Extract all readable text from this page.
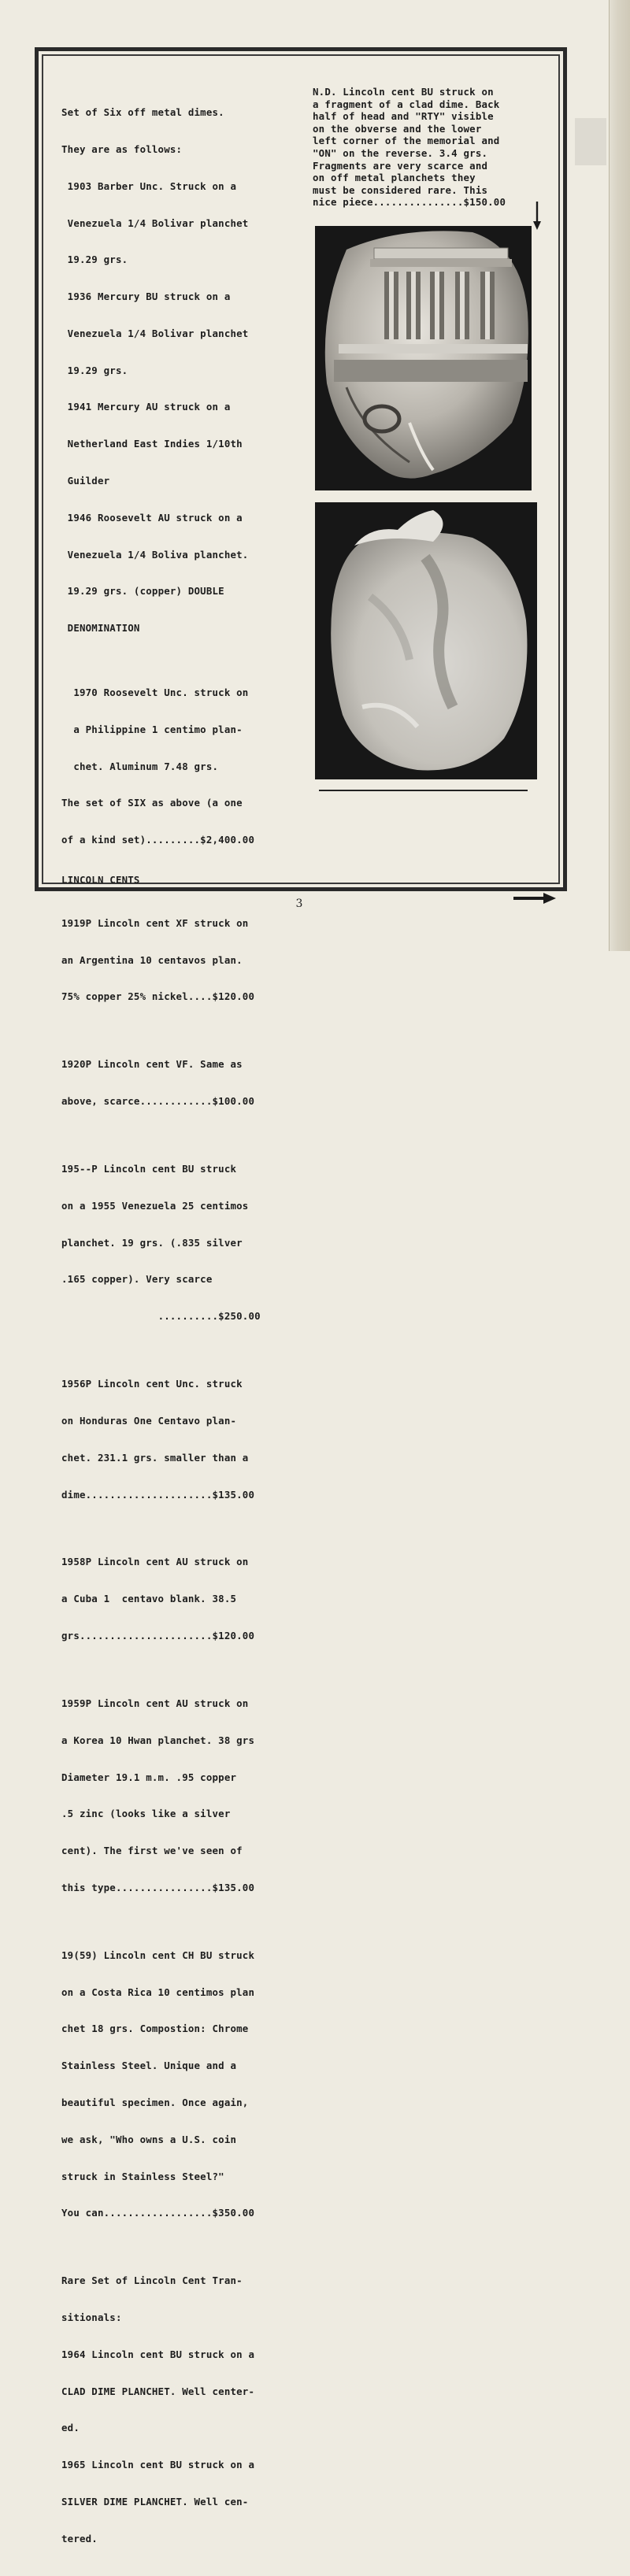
Set of Six off metal dimes.

They are as follows:

1903 Barber Unc. Struck on a

Venezuela 1/4 Bolivar planchet

19.29 grs.

1936 Mercury BU struck on a

Venezuela 1/4 Bolivar planchet

19.29 grs.

1941 Mercury AU struck on a

Netherland East Indies 1/10th

Guilder

1946 Roosevelt AU struck on a

Venezuela 1/4 Boliva planchet.

19.29 grs. (copper) DOUBLE

DENOMINATION

1970 Roosevelt Unc. struck on

a Philippine 1 centimo plan-

chet. Aluminum 7.48 grs.

The set of SIX as above (a one

of a kind set).........$2,400.00

LINCOLN CENTS

1919P Lincoln cent XF struck on

an Argentina 10 centavos plan.

75% copper 25% nickel....$120.00

1920P Lincoln cent VF. Same as

above, scarce............$100.00

195--P Lincoln cent BU struck

on a 1955 Venezuela 25 centimos

planchet. 19 grs. (.835 silver

.165 copper). Very scarce

..........$250.00

1956P Lincoln cent Unc. struck

on Honduras One Centavo plan-

chet. 231.1 grs. smaller than a

dime.....................$135.00

1958P Lincoln cent AU struck on

a Cuba 1  centavo blank. 38.5

grs......................$120.00

1959P Lincoln cent AU struck on

a Korea 10 Hwan planchet. 38 grs

Diameter 19.1 m.m. .95 copper

.5 zinc (looks like a silver

cent). The first we've seen of

this type................$135.00

19(59) Lincoln cent CH BU struck

on a Costa Rica 10 centimos plan

chet 18 grs. Compostion: Chrome

Stainless Steel. Unique and a

beautiful specimen. Once again,

we ask, "Who owns a U.S. coin

struck in Stainless Steel?"

You can..................$350.00

Rare Set of Lincoln Cent Tran-

sitionals:

1964 Lincoln cent BU struck on a

CLAD DIME PLANCHET. Well center-

ed.

1965 Lincoln cent BU struck on a

SILVER DIME PLANCHET. Well cen-

tered.

N.D. Lincoln cent BU struck on
a fragment of a clad dime. Back
half of head and "RTY" visible
on the obverse and the lower
left corner of the memorial and
"ON" on the reverse. 3.4 grs.
Fragments are very scarce and
on off metal planchets they
must be considered rare. This
nice piece...............$150.00
3
